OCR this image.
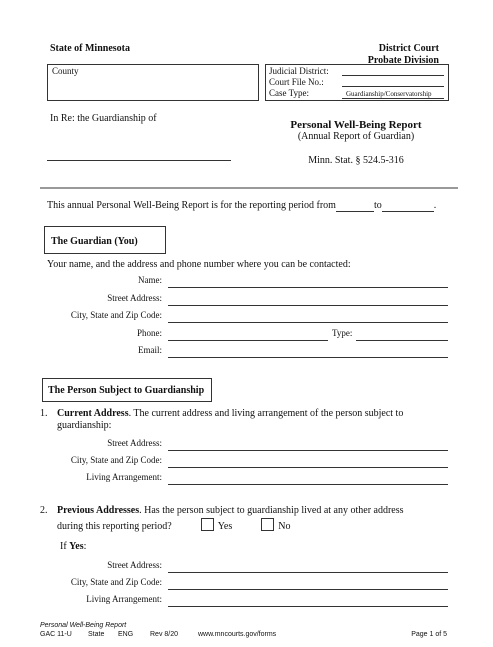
State of Minnesota	District Court
Probate Division
County	Judicial District:
Court File No.:
Case Type:	Guardianship/Conservatorship
In Re: the Guardianship of
Personal Well-Being Report
(Annual Report of Guardian)
Minn. Stat. § 524.5-316
This annual Personal Well-Being Report is for the reporting period from	to	.
The Guardian (You)
Your name, and the address and phone number where you can be contacted:
Name:
Street Address:
City, State and Zip Code:
Phone:	Type:
Email:
The Person Subject to Guardianship
1. Current Address. The current address and living arrangement of the person subject to
guardianship:
Street Address:
City, State and Zip Code:
Living Arrangement:
2. Previous Addresses. Has the person subject to guardianship lived at any other address
during this reporting period?	Yes	No
If Yes:
Street Address:
City, State and Zip Code:
Living Arrangement:
Personal Well-Being Report
GAC 11-U State ENG Rev 8/20	www.mncourts.gov/forms	Page 1 of 5
